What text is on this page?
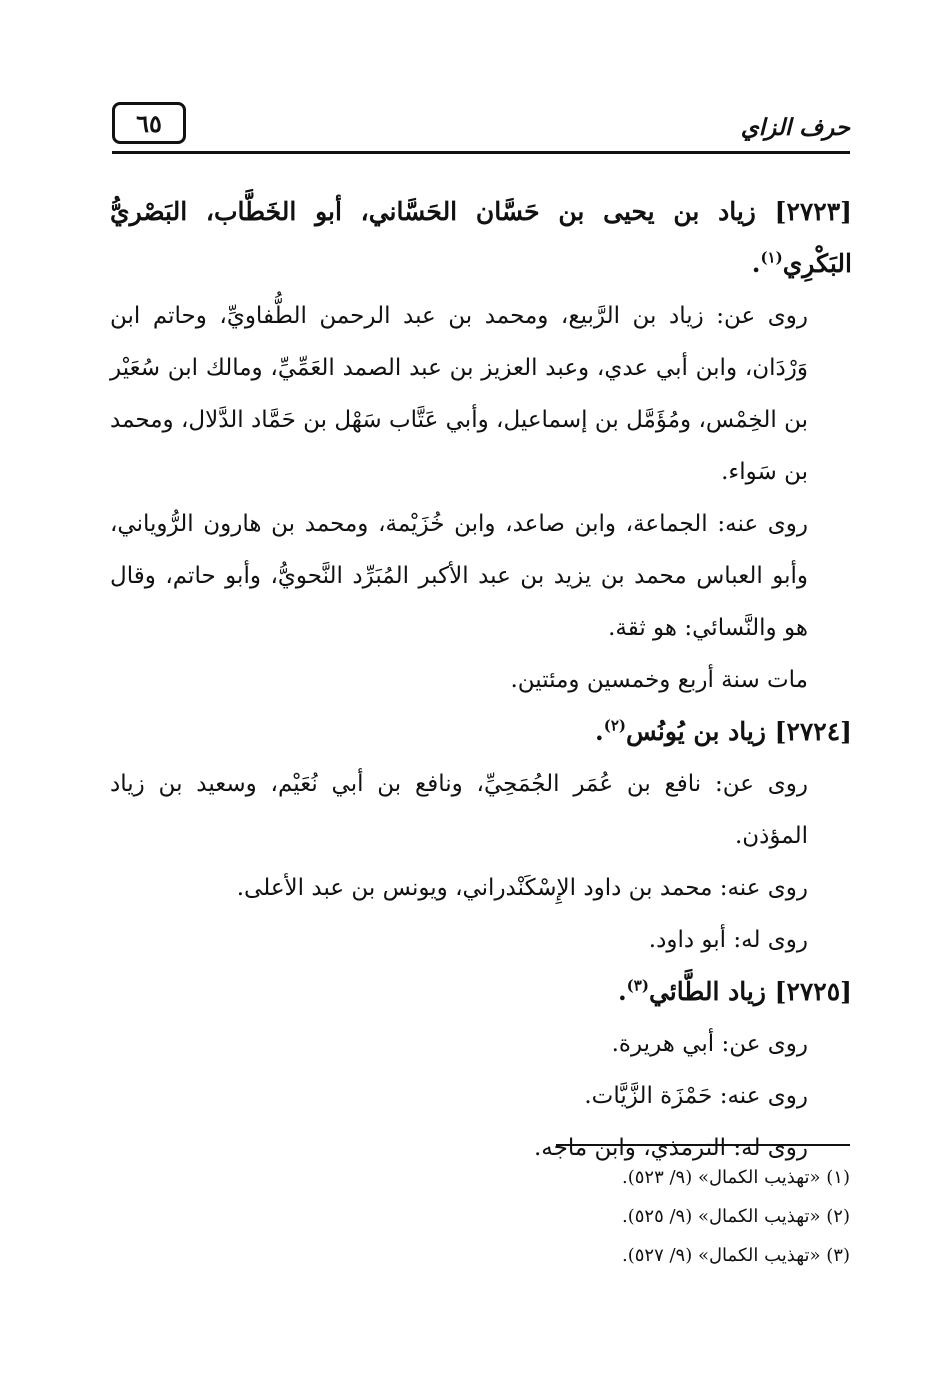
٦٥	حرف الزاي

[٢٧٢٣] زياد بن يحيى بن حَسَّان الحَسَّاني، أبو الخَطَّاب، البَصْريُّ البَكْرِي$^{(١)}$.

روى عن: زياد بن الرَّبيع، ومحمد بن عبد الرحمن الطُّفاويِّ، وحاتم ابن وَرْدَان، وابن أبي عدي، وعبد العزيز بن عبد الصمد العَمِّيِّ، ومالك ابن سُعَيْر بن الخِمْس، ومُؤَمَّل بن إسماعيل، وأبي عَتَّاب سَهْل بن حَمَّاد الدَّلال، ومحمد بن سَواء.

روى عنه: الجماعة، وابن صاعد، وابن خُزَيْمة، ومحمد بن هارون الرُّوياني، وأبو العباس محمد بن يزيد بن عبد الأكبر المُبَرِّد النَّحويُّ، وأبو حاتم، وقال هو والنَّسائي: هو ثقة.

مات سنة أربع وخمسين ومئتين.

[٢٧٢٤] زياد بن يُونُس$^{(٢)}$.

روى عن: نافع بن عُمَر الجُمَحِيِّ، ونافع بن أبي نُعَيْم، وسعيد بن زياد المؤذن.

روى عنه: محمد بن داود الإِسْكَنْدراني، ويونس بن عبد الأعلى.

روى له: أبو داود.

[٢٧٢٥] زياد الطَّائي$^{(٣)}$.

روى عن: أبي هريرة.

روى عنه: حَمْزَة الزَّيَّات.

روى له: الترمذي، وابن ماجه.

(١) «تهذيب الكمال» (٩/ ٥٢٣).

(٢) «تهذيب الكمال» (٩/ ٥٢٥).

(٣) «تهذيب الكمال» (٩/ ٥٢٧).
